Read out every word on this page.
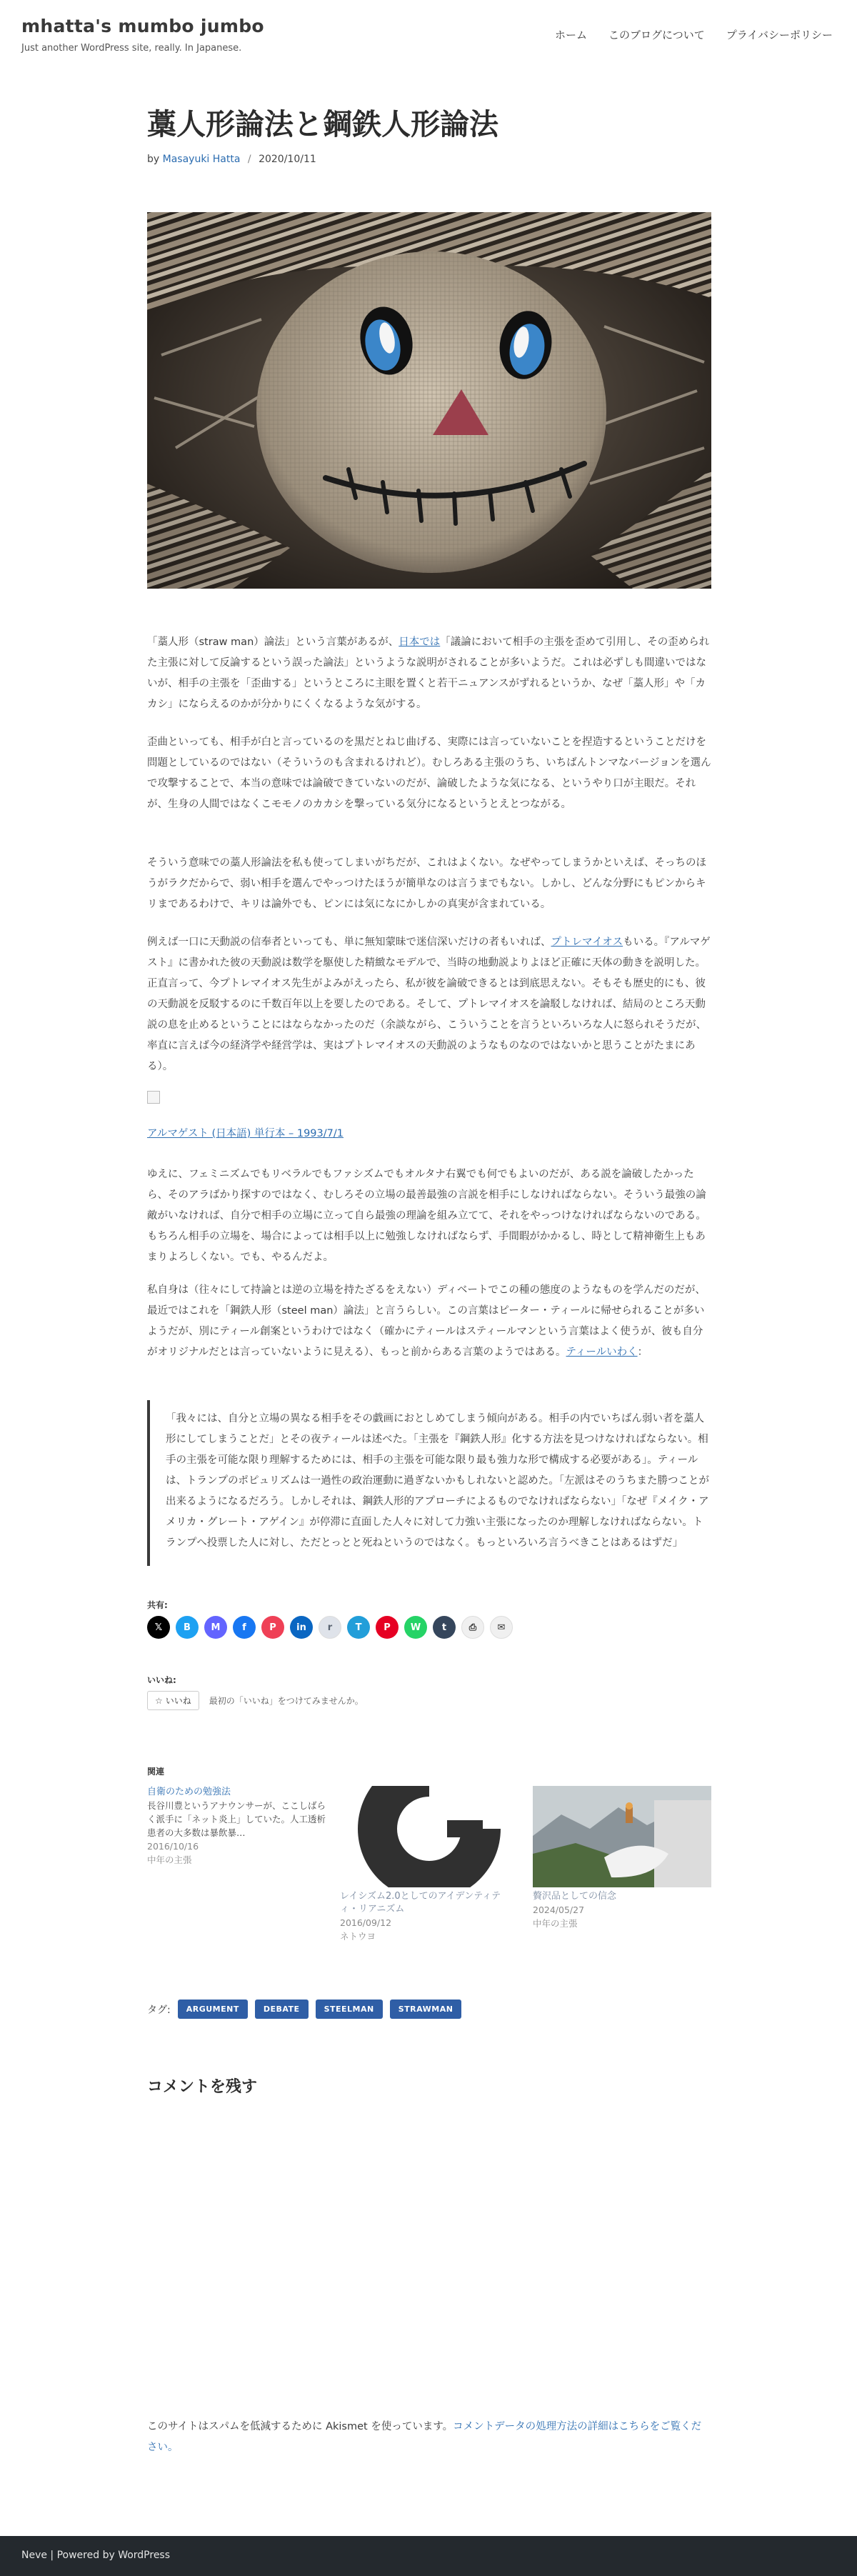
mhatta's mumbo jumbo
Just another WordPress site, really. In Japanese.
ホーム このブログについて プライバシーポリシー
藁人形論法と鋼鉄人形論法
by Masayuki Hatta / 2020/10/11

「藁人形（straw man）論法」という言葉があるが、日本では「議論において相手の主張を歪めて引用し、その歪められた主張に対して反論するという誤った論法」というような説明がされることが多いようだ。これは必ずしも間違いではないが、相手の主張を「歪曲する」というところに主眼を置くと若干ニュアンスがずれるというか、なぜ「藁人形」や「カカシ」にならえるのかが分かりにくくなるような気がする。

歪曲といっても、相手が白と言っているのを黒だとねじ曲げる、実際には言っていないことを捏造するということだけを問題としているのではない（そういうのも含まれるけれど）。むしろある主張のうち、いちばんトンマなバージョンを選んで攻撃することで、本当の意味では論破できていないのだが、論破したような気になる、というやり口が主眼だ。それが、生身の人間ではなくこモモノのカカシを撃っている気分になるというとえとつながる。

そういう意味での藁人形論法を私も使ってしまいがちだが、これはよくない。なぜやってしまうかといえば、そっちのほうがラクだからで、弱い相手を選んでやっつけたほうが簡単なのは言うまでもない。しかし、どんな分野にもピンからキリまであるわけで、キリは論外でも、ピンには気になにかしかの真実が含まれている。

例えば一口に天動説の信奉者といっても、単に無知蒙昧で迷信深いだけの者もいれば、プトレマイオスもいる。『アルマゲスト』に書かれた彼の天動説は数学を駆使した精緻なモデルで、当時の地動説よりよほど正確に天体の動きを説明した。正直言って、今プトレマイオス先生がよみがえったら、私が彼を論破できるとは到底思えない。そもそも歴史的にも、彼の天動説を反駁するのに千数百年以上を要したのである。そして、プトレマイオスを論駁しなければ、結局のところ天動説の息を止めるということにはならなかったのだ（余談ながら、こういうことを言うといろいろな人に怒られそうだが、率直に言えば今の経済学や経営学は、実はプトレマイオスの天動説のようなものなのではないかと思うことがたまにある）。

アルマゲスト (日本語) 単行本 – 1993/7/1

ゆえに、フェミニズムでもリベラルでもファシズムでもオルタナ右翼でも何でもよいのだが、ある説を論破したかったら、そのアラばかり探すのではなく、むしろその立場の最善最強の言説を相手にしなければならない。そういう最強の論敵がいなければ、自分で相手の立場に立って自ら最強の理論を組み立てて、それをやっつけなければならないのである。もちろん相手の立場を、場合によっては相手以上に勉強しなければならず、手間暇がかかるし、時として精神衛生上もあまりよろしくない。でも、やるんだよ。

私自身は（往々にして持論とは逆の立場を持たざるをえない）ディベートでこの種の態度のようなものを学んだのだが、最近ではこれを「鋼鉄人形（steel man）論法」と言うらしい。この言葉はピーター・ティールに帰せられることが多いようだが、別にティール創案というわけではなく（確かにティールはスティールマンという言葉はよく使うが、彼も自分がオリジナルだとは言っていないように見える）、もっと前からある言葉のようではある。ティールいわく：

「我々には、自分と立場の異なる相手をその戯画におとしめてしまう傾向がある。相手の内でいちばん弱い者を藁人形にしてしまうことだ」とその夜ティールは述べた。「主張を『鋼鉄人形』化する方法を見つけなければならない。相手の主張を可能な限り理解するためには、相手の主張を可能な限り最も強力な形で構成する必要がある」。ティールは、トランプのポピュリズムは一過性の政治運動に過ぎないかもしれないと認めた。「左派はそのうちまた勝つことが出来るようになるだろう。しかしそれは、鋼鉄人形的アプローチによるものでなければならない」「なぜ『メイク・アメリカ・グレート・アゲイン』が停滞に直面した人々に対して力強い主張になったのか理解しなければならない。トランプへ投票した人に対し、ただとっとと死ねというのではなく。もっといろいろ言うべきことはあるはずだ」

共有:
𝕏 B M f P in r T P W t ⎙ ✉
いいね:
☆ いいね 最初の「いいね」をつけてみませんか。
関連
自衛のための勉強法
長谷川豊というアナウンサーが、ここしばらく派手に「ネット炎上」していた。人工透析患者の大多数は暴飲暴…
2016/10/16
中年の主張
レイシズム2.0としてのアイデンティティ・リアニズム
2016/09/12
ネトウヨ
贅沢品としての信念
2024/05/27
中年の主張
タグ:	ARGUMENT	DEBATE	STEELMAN	STRAWMAN
コメントを残す

このサイトはスパムを低減するために Akismet を使っています。コメントデータの処理方法の詳細はこちらをご覧ください。

Neve | Powered by WordPress
